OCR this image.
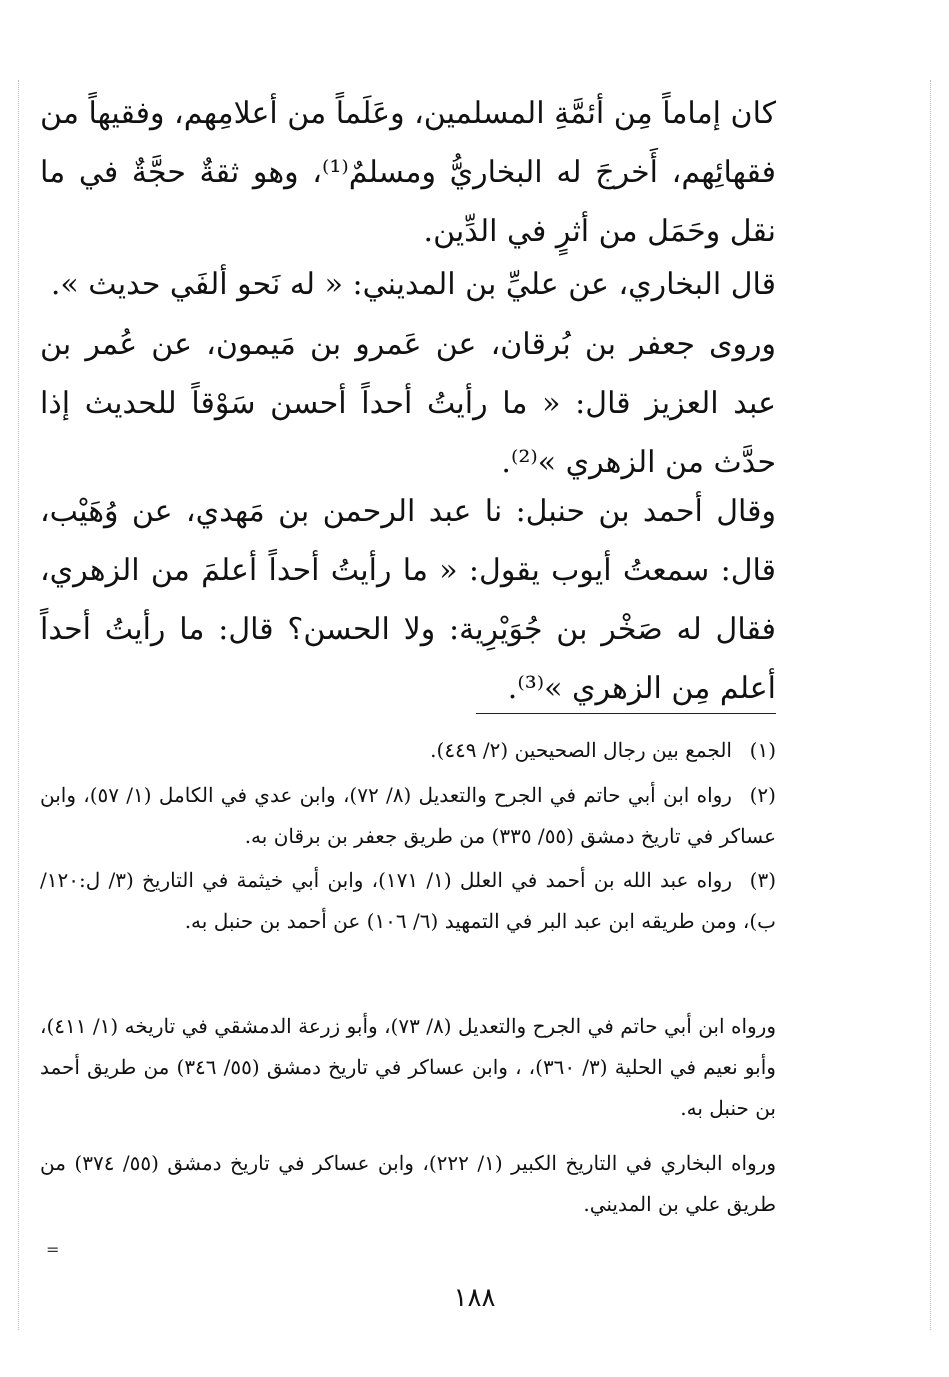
كان إماماً مِن أئمَّةِ المسلمين، وعَلَماً من أعلامِهم، وفقيهاً من فقهائِهم، أَخرجَ له البخاريُّ ومسلمٌ⁽¹⁾، وهو ثقةٌ حجَّةٌ في ما نقل وحَمَل من أثرٍ في الدِّين.

قال البخاري، عن عليِّ بن المديني: « له نَحو ألفَي حديث ».

وروى جعفر بن بُرقان، عن عَمرو بن مَيمون، عن عُمر بن عبد العزيز قال: « ما رأيتُ أحداً أحسن سَوْقاً للحديث إذا حدَّث من الزهري »⁽²⁾.

وقال أحمد بن حنبل: نا عبد الرحمن بن مَهدي، عن وُهَيْب، قال: سمعتُ أيوب يقول: « ما رأيتُ أحداً أعلمَ من الزهري، فقال له صَخْر بن جُوَيْرِية: ولا الحسن؟ قال: ما رأيتُ أحداً أعلم مِن الزهري »⁽³⁾.

(١)الجمع بين رجال الصحيحين (٢/ ٤٤٩).

(٢)رواه ابن أبي حاتم في الجرح والتعديل (٨/ ٧٢)، وابن عدي في الكامل (١/ ٥٧)، وابن عساكر في تاريخ دمشق (٥٥/ ٣٣٥) من طريق جعفر بن برقان به.

(٣)رواه عبد الله بن أحمد في العلل (١/ ١٧١)، وابن أبي خيثمة في التاريخ (٣/ ل:١٢٠/ ب)، ومن طريقه ابن عبد البر في التمهيد (٦/ ١٠٦) عن أحمد بن حنبل به.

ورواه ابن أبي حاتم في الجرح والتعديل (٨/ ٧٣)، وأبو زرعة الدمشقي في تاريخه (١/ ٤١١)، وأبو نعيم في الحلية (٣/ ٣٦٠)، ، وابن عساكر في تاريخ دمشق (٥٥/ ٣٤٦) من طريق أحمد بن حنبل به.

ورواه البخاري في التاريخ الكبير (١/ ٢٢٢)، وابن عساكر في تاريخ دمشق (٥٥/ ٣٧٤) من طريق علي بن المديني.

=
١٨٨
